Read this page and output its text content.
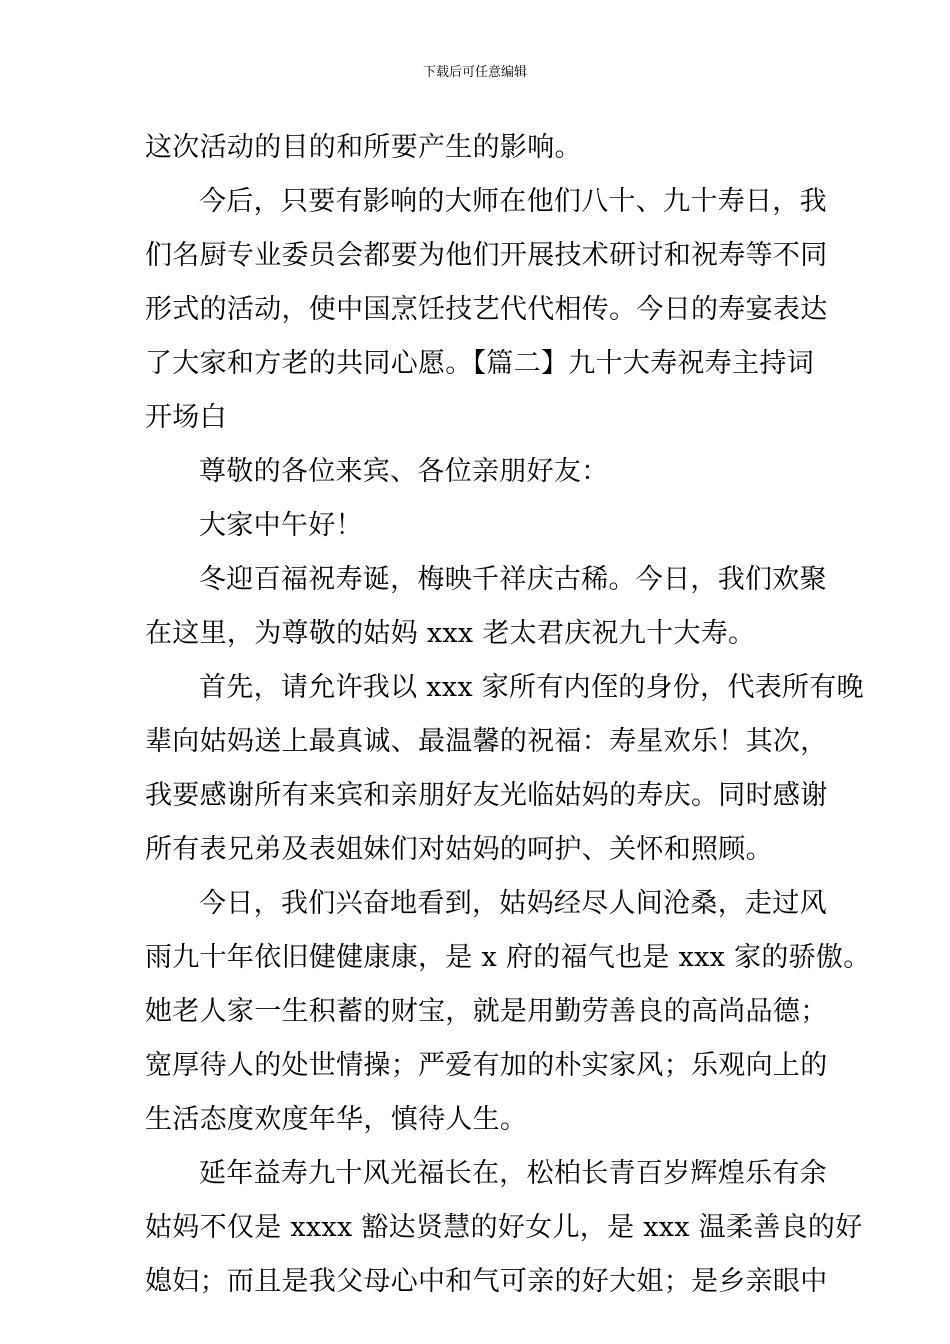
下载后可任意编辑
这次活动的目的和所要产生的影响。
今后，只要有影响的大师在他们八十、九十寿日，我
们名厨专业委员会都要为他们开展技术研讨和祝寿等不同
形式的活动，使中国烹饪技艺代代相传。今日的寿宴表达
了大家和方老的共同心愿。【篇二】九十大寿祝寿主持词
开场白
尊敬的各位来宾、各位亲朋好友：
大家中午好！
冬迎百福祝寿诞，梅映千祥庆古稀。今日，我们欢聚
在这里，为尊敬的姑妈 xxx 老太君庆祝九十大寿。
首先，请允许我以 xxx 家所有内侄的身份，代表所有晚
辈向姑妈送上最真诚、最温馨的祝福：寿星欢乐！其次，
我要感谢所有来宾和亲朋好友光临姑妈的寿庆。同时感谢
所有表兄弟及表姐妹们对姑妈的呵护、关怀和照顾。
今日，我们兴奋地看到，姑妈经尽人间沧桑，走过风
雨九十年依旧健健康康，是 x 府的福气也是 xxx 家的骄傲。
她老人家一生积蓄的财宝，就是用勤劳善良的高尚品德；
宽厚待人的处世情操；严爱有加的朴实家风；乐观向上的
生活态度欢度年华，慎待人生。
延年益寿九十风光福长在，松柏长青百岁辉煌乐有余
姑妈不仅是 xxxx 豁达贤慧的好女儿，是 xxx 温柔善良的好
媳妇；而且是我父母心中和气可亲的好大姐；是乡亲眼中
